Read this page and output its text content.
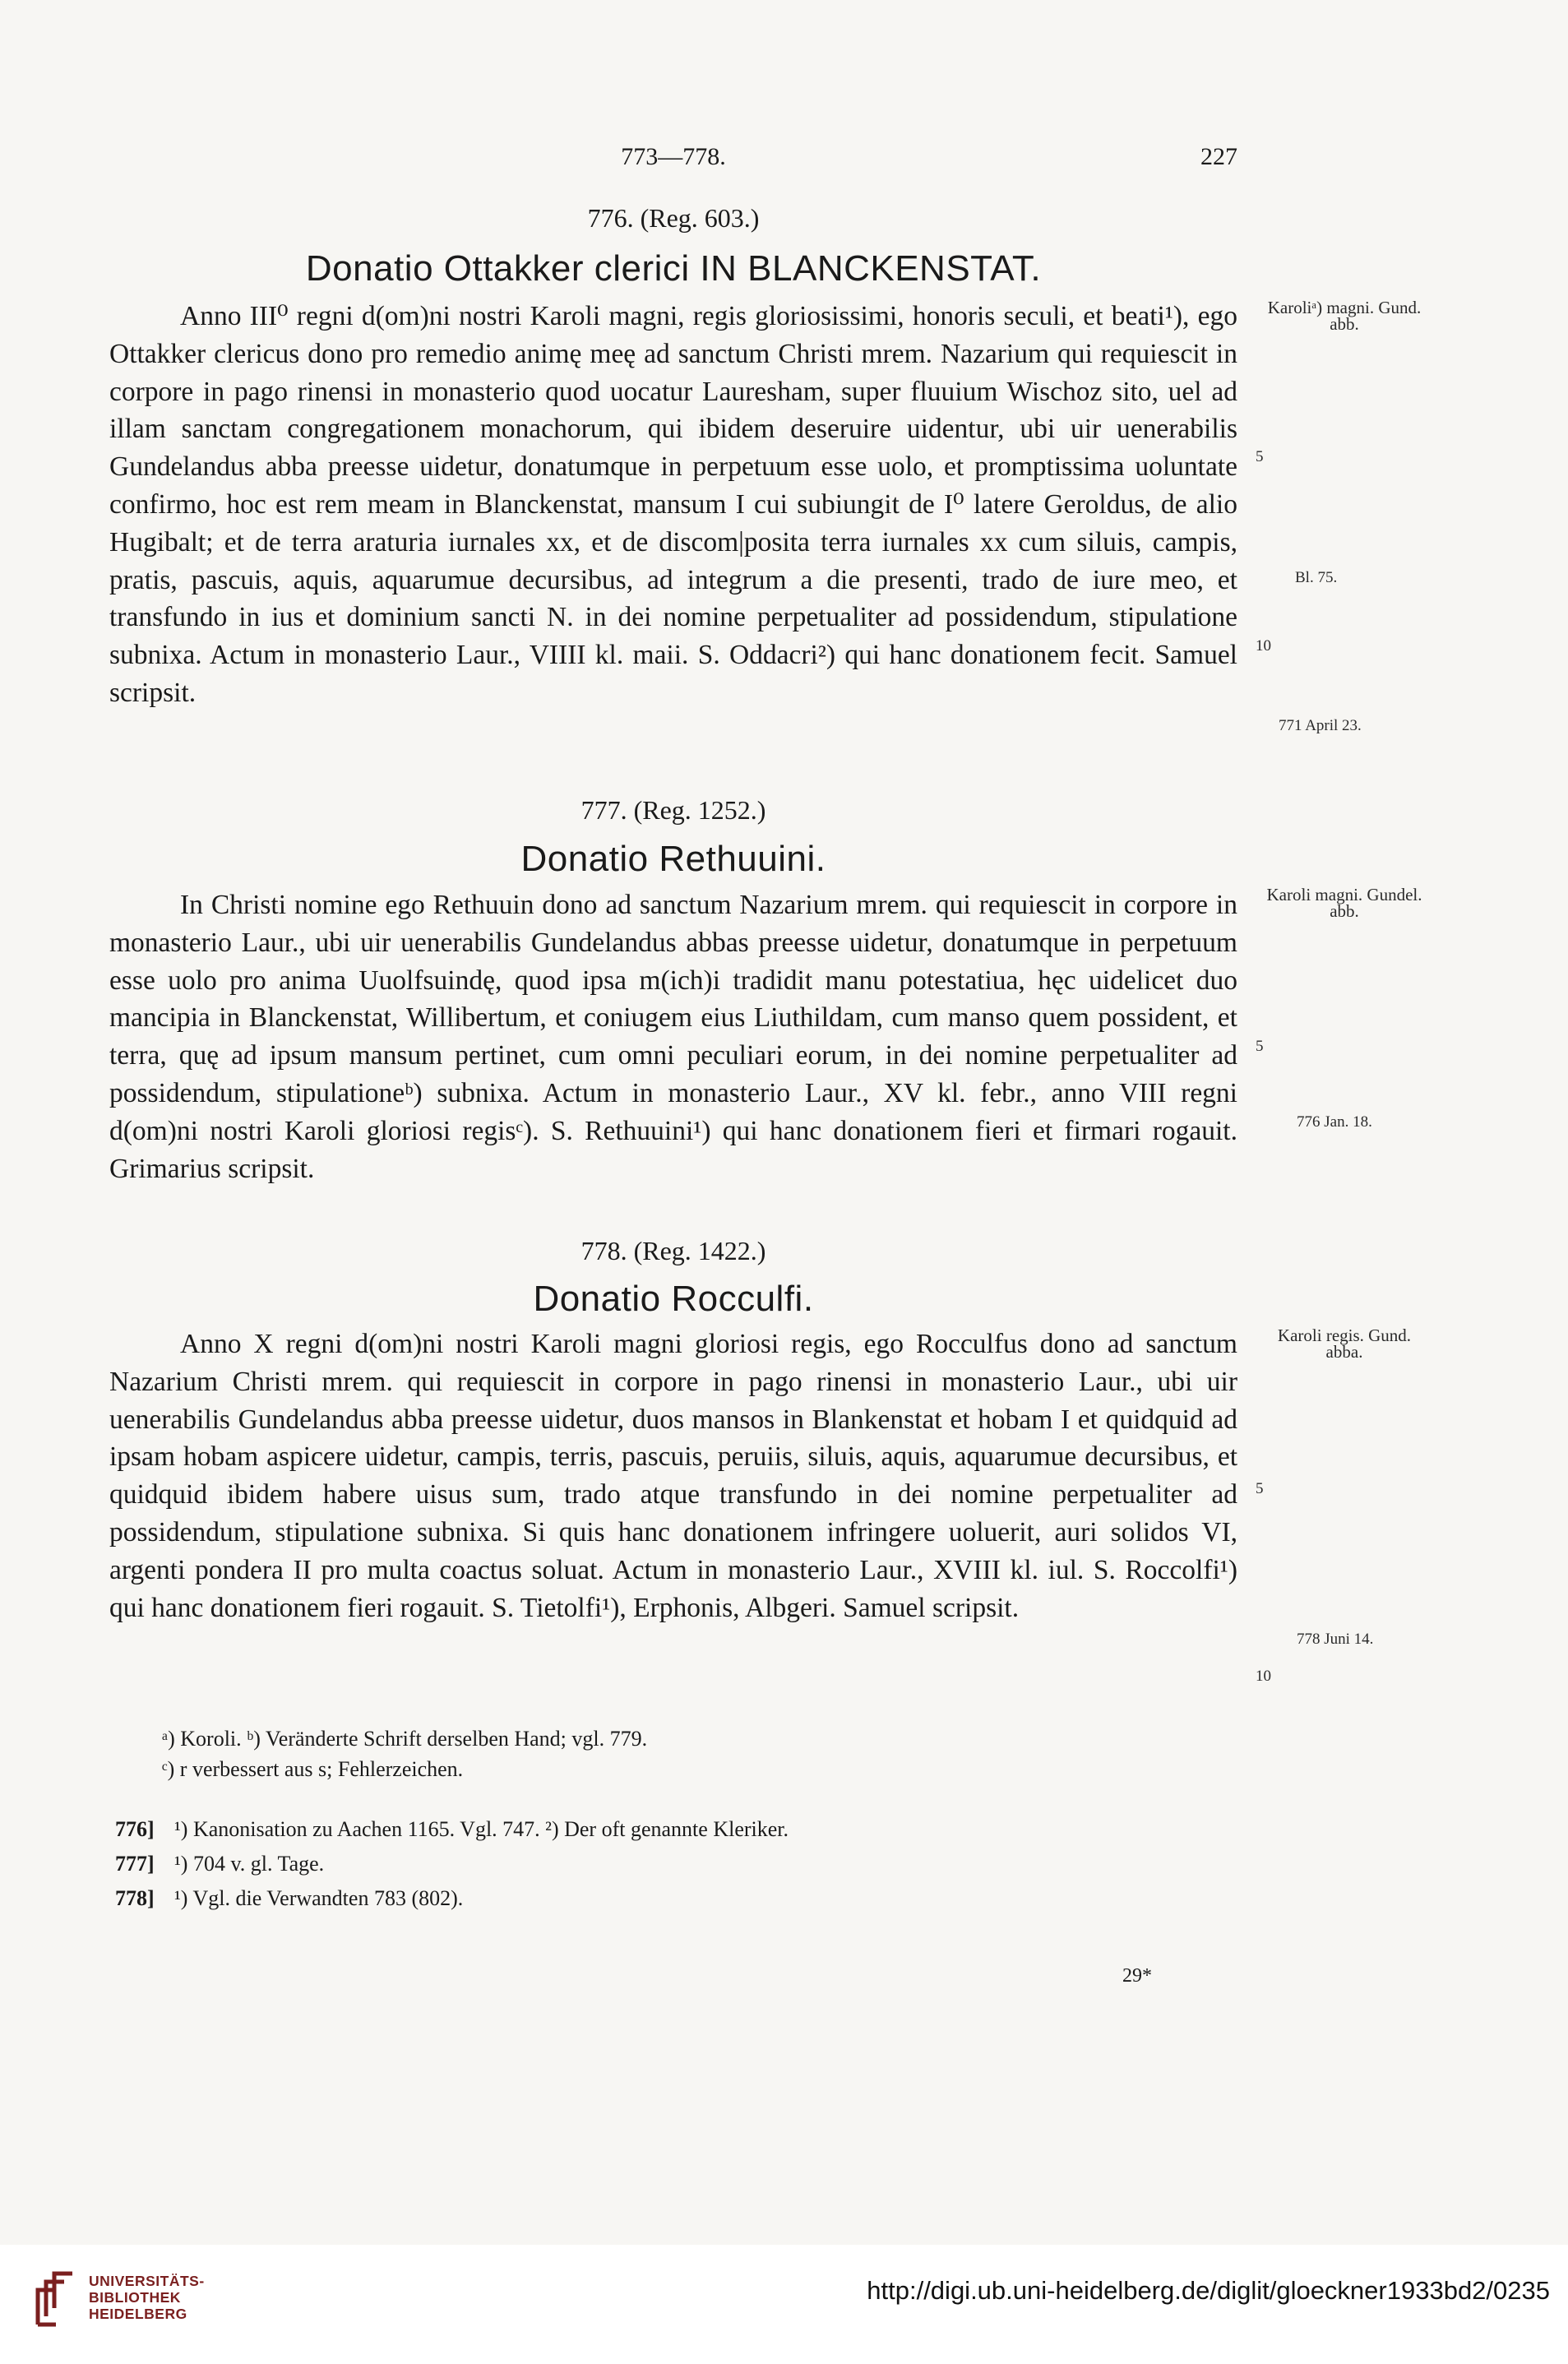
773—778.	227
776. (Reg. 603.)
Donatio Ottakker clerici IN BLANCKENSTAT.

Anno III⁰ regni d(om)ni nostri Karoli magni, regis gloriosissimi, honoris seculi, et beati¹), ego Ottakker clericus dono pro remedio animę meę ad sanctum Christi mrem. Nazarium qui requiescit in corpore in pago rinensi in monasterio quod uocatur Lauresham, super fluuium Wischoz sito, uel ad illam sanctam congregationem monachorum, qui ibidem deseruire uidentur, ubi uir uenerabilis Gundelandus abba preesse uidetur, donatumque in perpetuum esse uolo, et promptissima uoluntate confirmo, hoc est rem meam in Blanckenstat, mansum I cui subiungit de I⁰ latere Geroldus, de alio Hugibalt; et de terra araturia iurnales xx, et de discom|posita terra iurnales xx cum siluis, campis, pratis, pascuis, aquis, aquarumue decursibus, ad integrum a die presenti, trado de iure meo, et transfundo in ius et dominium sancti N. in dei nomine perpetualiter ad possidendum, stipulatione subnixa. Actum in monasterio Laur., VIIII kl. maii. S. Oddacri²) qui hanc donationem fecit. Samuel scripsit.

Karoliᵃ) magni. Gund. abb.
Bl. 75.
771 April 23.
5
10
777. (Reg. 1252.)
Donatio Rethuuini.

In Christi nomine ego Rethuuin dono ad sanctum Nazarium mrem. qui requiescit in corpore in monasterio Laur., ubi uir uenerabilis Gundelandus abbas preesse uidetur, donatumque in perpetuum esse uolo pro anima Uuolfsuindę, quod ipsa m(ich)i tradidit manu potestatiua, hęc uidelicet duo mancipia in Blanckenstat, Willibertum, et coniugem eius Liuthildam, cum manso quem possident, et terra, quę ad ipsum mansum pertinet, cum omni peculiari eorum, in dei nomine perpetualiter ad possidendum, stipulationeᵇ) subnixa. Actum in monasterio Laur., XV kl. febr., anno VIII regni d(om)ni nostri Karoli gloriosi regisᶜ). S. Rethuuini¹) qui hanc donationem fieri et firmari rogauit. Grimarius scripsit.

Karoli magni. Gundel. abb.
776 Jan. 18.
5
778. (Reg. 1422.)
Donatio Rocculfi.

Anno X regni d(om)ni nostri Karoli magni gloriosi regis, ego Rocculfus dono ad sanctum Nazarium Christi mrem. qui requiescit in corpore in pago rinensi in monasterio Laur., ubi uir uenerabilis Gundelandus abba preesse uidetur, duos mansos in Blankenstat et hobam I et quidquid ad ipsam hobam aspicere uidetur, campis, terris, pascuis, peruiis, siluis, aquis, aquarumue decursibus, et quidquid ibidem habere uisus sum, trado atque transfundo in dei nomine perpetualiter ad possidendum, stipulatione subnixa. Si quis hanc donationem infringere uoluerit, auri solidos VI, argenti pondera II pro multa coactus soluat. Actum in monasterio Laur., XVIII kl. iul. S. Roccolfi¹) qui hanc donationem fieri rogauit. S. Tietolfi¹), Erphonis, Albgeri. Samuel scripsit.

Karoli regis. Gund. abba.
778 Juni 14.
5
10
ᵃ) Koroli. ᵇ) Veränderte Schrift derselben Hand; vgl. 779.
ᶜ) r verbessert aus s; Fehlerzeichen.
776] ¹) Kanonisation zu Aachen 1165. Vgl. 747. ²) Der oft genannte Kleriker.
777] ¹) 704 v. gl. Tage.
778] ¹) Vgl. die Verwandten 783 (802).
29*
UNIVERSITÄTS-
BIBLIOTHEK
HEIDELBERG
http://digi.ub.uni-heidelberg.de/diglit/gloeckner1933bd2/0235
